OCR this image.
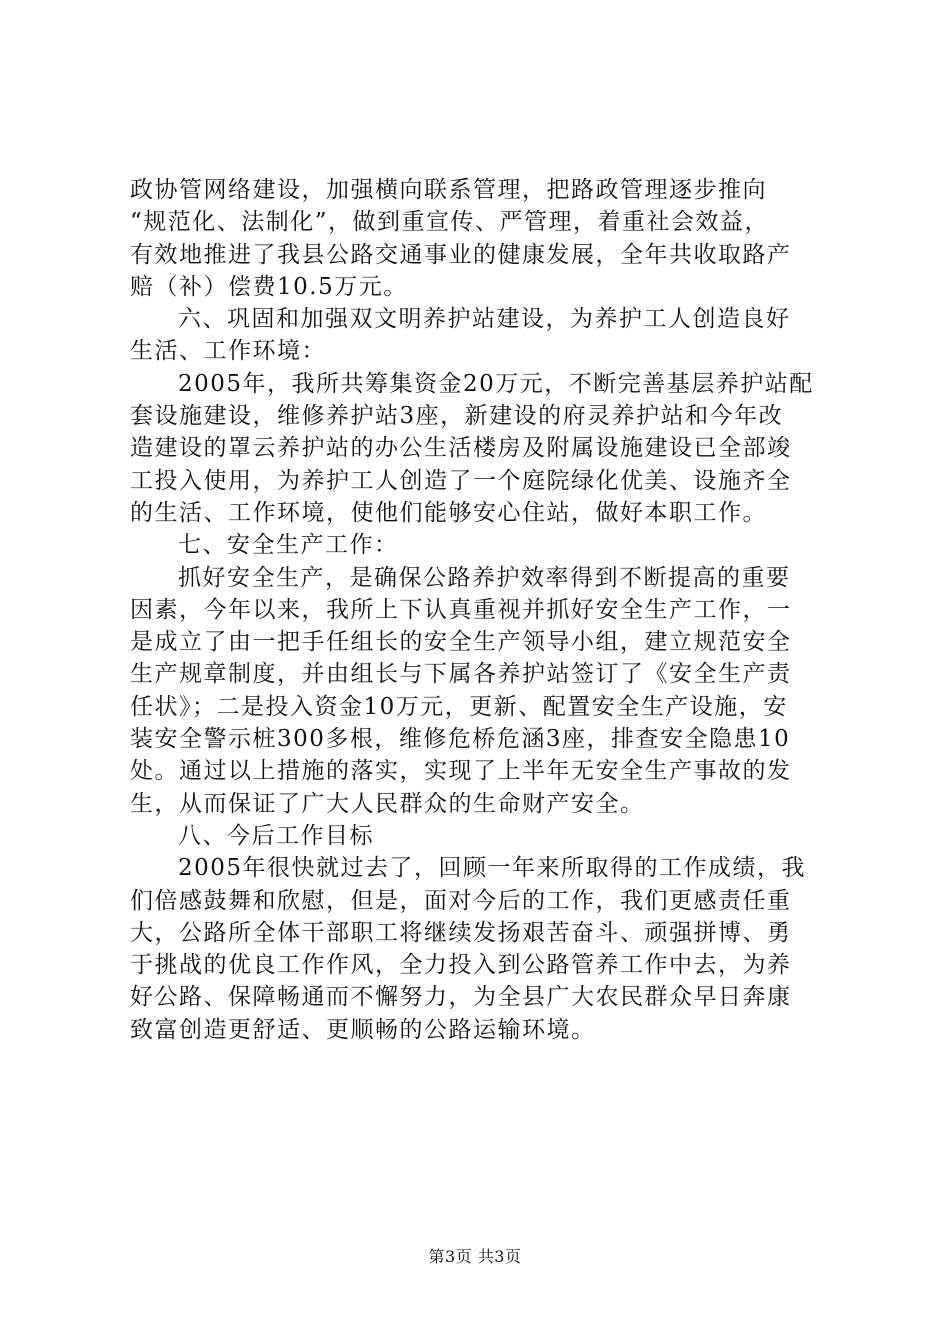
政协管网络建设，加强横向联系管理，把路政管理逐步推向
“规范化、法制化”，做到重宣传、严管理，着重社会效益，
有效地推进了我县公路交通事业的健康发展，全年共收取路产
赔（补）偿费10.5万元。
六、巩固和加强双文明养护站建设，为养护工人创造良好
生活、工作环境：
2005年，我所共筹集资金20万元，不断完善基层养护站配
套设施建设，维修养护站3座，新建设的府灵养护站和今年改
造建设的罩云养护站的办公生活楼房及附属设施建设已全部竣
工投入使用，为养护工人创造了一个庭院绿化优美、设施齐全
的生活、工作环境，使他们能够安心住站，做好本职工作。
七、安全生产工作：
抓好安全生产，是确保公路养护效率得到不断提高的重要
因素，今年以来，我所上下认真重视并抓好安全生产工作，一
是成立了由一把手任组长的安全生产领导小组，建立规范安全
生产规章制度，并由组长与下属各养护站签订了《安全生产责
任状》；二是投入资金10万元，更新、配置安全生产设施，安
装安全警示桩300多根，维修危桥危涵3座，排查安全隐患10
处。通过以上措施的落实，实现了上半年无安全生产事故的发
生，从而保证了广大人民群众的生命财产安全。
八、今后工作目标
2005年很快就过去了，回顾一年来所取得的工作成绩，我
们倍感鼓舞和欣慰，但是，面对今后的工作，我们更感责任重
大，公路所全体干部职工将继续发扬艰苦奋斗、顽强拼博、勇
于挑战的优良工作作风，全力投入到公路管养工作中去，为养
好公路、保障畅通而不懈努力，为全县广大农民群众早日奔康
致富创造更舒适、更顺畅的公路运输环境。
第3页 共3页
